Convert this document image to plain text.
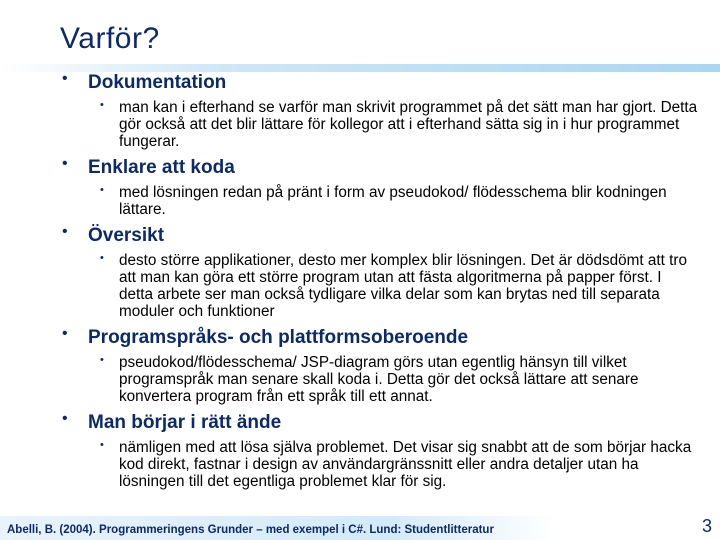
Varför?
• Dokumentation
• man kan i efterhand se varför man skrivit programmet på det sätt man har gjort. Detta gör också att det blir lättare för kollegor att i efterhand sätta sig in i hur programmet fungerar.
• Enklare att koda
• med lösningen redan på pränt i form av pseudokod/ flödesschema blir kodningen lättare.
• Översikt
• desto större applikationer, desto mer komplex blir lösningen. Det är dödsdömt att tro att man kan göra ett större program utan att fästa algoritmerna på papper först. I detta arbete ser man också tydligare vilka delar som kan brytas ned till separata moduler och funktioner
• Programspråks- och plattformsoberoende
• pseudokod/flödesschema/ JSP-diagram görs utan egentlig hänsyn till vilket programspråk man senare skall koda i. Detta gör det också lättare att senare konvertera program från ett språk till ett annat.
• Man börjar i rätt ände
• nämligen med att lösa själva problemet. Det visar sig snabbt att de som börjar hacka kod direkt, fastnar i design av användargränssnitt eller andra detaljer utan ha lösningen till det egentliga problemet klar för sig.
Abelli, B. (2004). Programmeringens Grunder – med exempel i C#. Lund: Studentlitteratur	3
